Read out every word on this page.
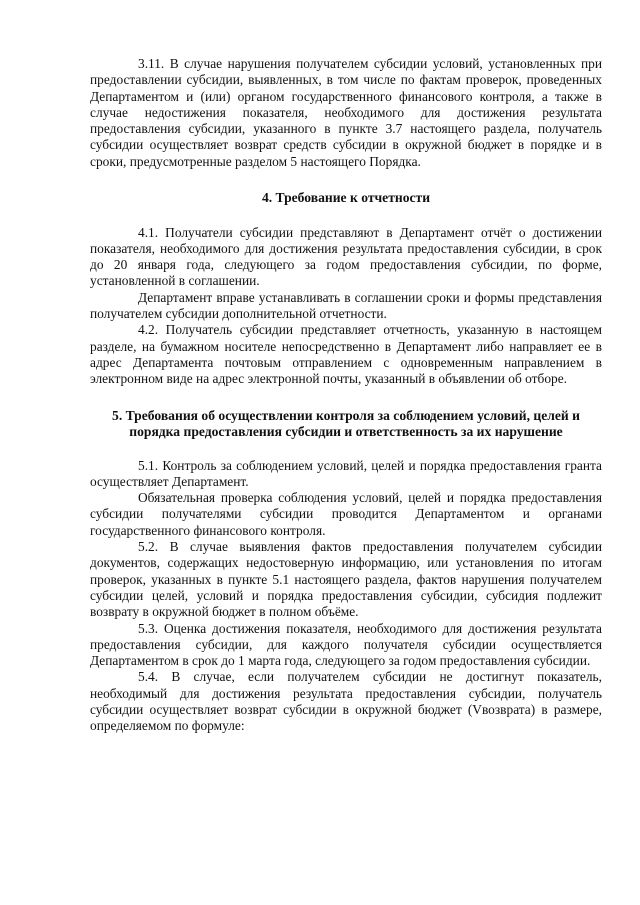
3.11. В случае нарушения получателем субсидии условий, установленных при предоставлении субсидии, выявленных, в том числе по фактам проверок, проведенных Департаментом и (или) органом государственного финансового контроля, а также в случае недостижения показателя, необходимого для достижения результата предоставления субсидии, указанного в пункте 3.7 настоящего раздела, получатель субсидии осуществляет возврат средств субсидии в окружной бюджет в порядке и в сроки, предусмотренные разделом 5 настоящего Порядка.

4. Требование к отчетности

4.1. Получатели субсидии представляют в Департамент отчёт о достижении показателя, необходимого для достижения результата предоставления субсидии, в срок до 20 января года, следующего за годом предоставления субсидии, по форме, установленной в соглашении.

Департамент вправе устанавливать в соглашении сроки и формы представления получателем субсидии дополнительной отчетности.

4.2. Получатель субсидии представляет отчетность, указанную в настоящем разделе, на бумажном носителе непосредственно в Департамент либо направляет ее в адрес Департамента почтовым отправлением с одновременным направлением в электронном виде на адрес электронной почты, указанный в объявлении об отборе.

5. Требования об осуществлении контроля за соблюдением условий, целей и порядка предоставления субсидии и ответственность за их нарушение

5.1. Контроль за соблюдением условий, целей и порядка предоставления гранта осуществляет Департамент.

Обязательная проверка соблюдения условий, целей и порядка предоставления субсидии получателями субсидии проводится Департаментом и органами государственного финансового контроля.

5.2. В случае выявления фактов предоставления получателем субсидии документов, содержащих недостоверную информацию, или установления по итогам проверок, указанных в пункте 5.1 настоящего раздела, фактов нарушения получателем субсидии целей, условий и порядка предоставления субсидии, субсидия подлежит возврату в окружной бюджет в полном объёме.

5.3. Оценка достижения показателя, необходимого для достижения результата предоставления субсидии, для каждого получателя субсидии осуществляется Департаментом в срок до 1 марта года, следующего за годом предоставления субсидии.

5.4. В случае, если получателем субсидии не достигнут показатель, необходимый для достижения результата предоставления субсидии, получатель субсидии осуществляет возврат субсидии в окружной бюджет (Vвозврата) в размере, определяемом по формуле:
